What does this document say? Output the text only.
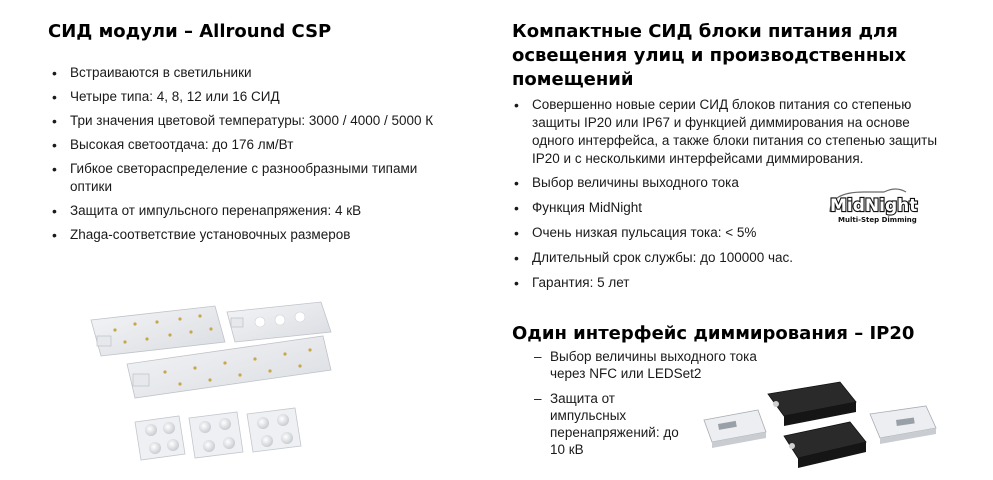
СИД модули – Allround CSP
• Встраиваются в светильники
• Четыре типа: 4, 8, 12 или 16 СИД
• Три значения цветовой температуры: 3000 / 4000 / 5000 К
• Высокая светоотдача: до 176 лм/Вт
• Гибкое светораспределение с разнообразными типами оптики
• Защита от импульсного перенапряжения: 4 кВ
• Zhaga-соответствие установочных размеров
Компактные СИД блоки питания для освещения улиц и производственных помещений
• Совершенно новые серии СИД блоков питания со степенью защиты IP20 или IP67 и функцией диммирования на основе одного интерфейса, а также блоки питания со степенью защиты IP20 и с несколькими интерфейсами диммирования.
• Выбор величины выходного тока
• Функция MidNight
• Очень низкая пульсация тока: < 5%
• Длительный срок службы: до 100000 час.
• Гарантия: 5 лет
MidNight
Multi-Step Dimming
Один интерфейс диммирования – IP20
– Выбор величины выходного тока через NFC или LEDSet2
– Защита от импульсных перенапряжений: до 10 кВ
